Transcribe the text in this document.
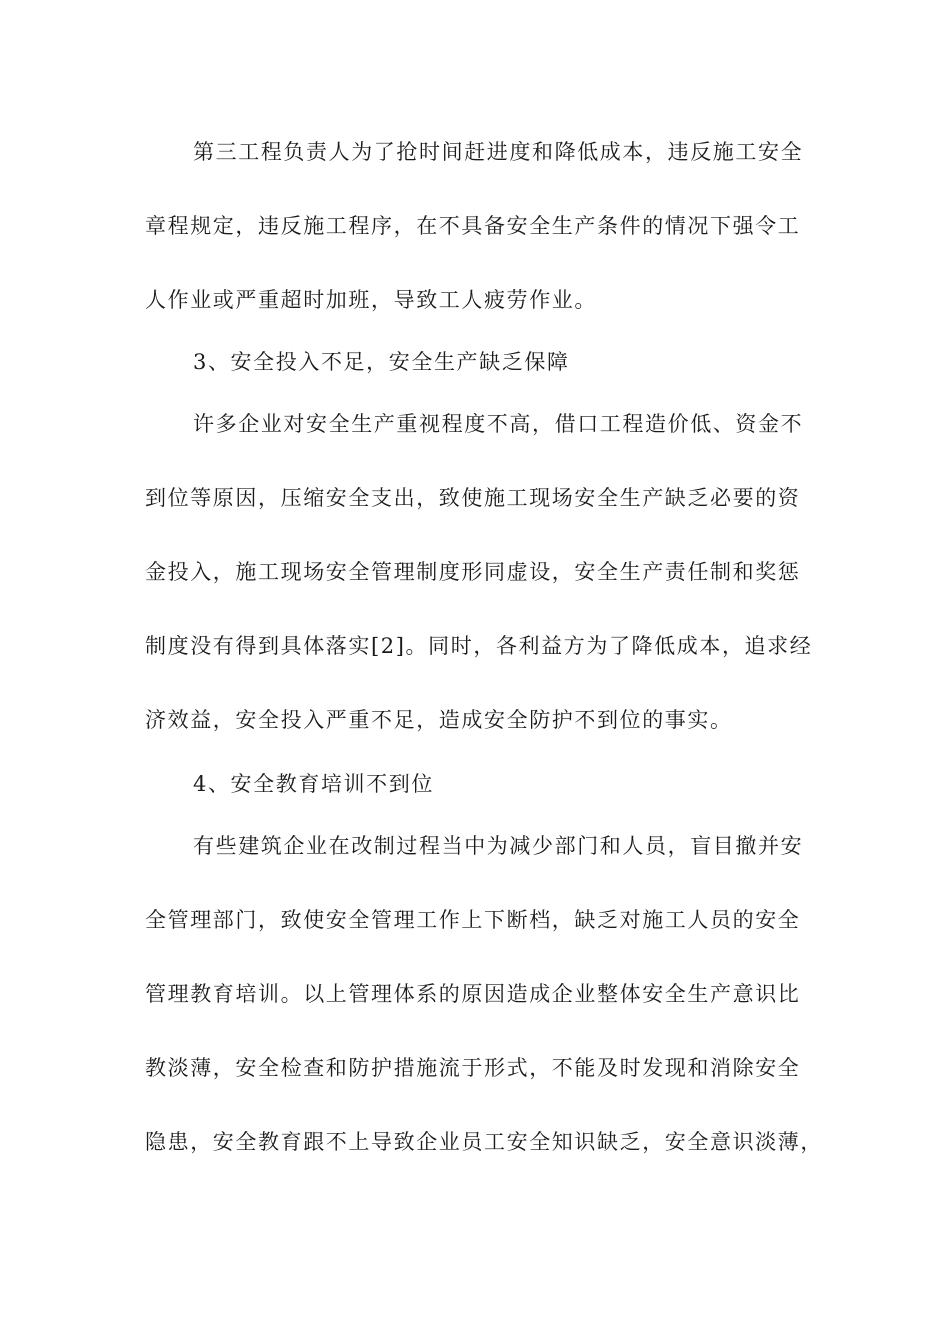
第三工程负责人为了抢时间赶进度和降低成本，违反施工安全

章程规定，违反施工程序，在不具备安全生产条件的情况下强令工

人作业或严重超时加班，导致工人疲劳作业。

3、安全投入不足，安全生产缺乏保障

许多企业对安全生产重视程度不高，借口工程造价低、资金不

到位等原因，压缩安全支出，致使施工现场安全生产缺乏必要的资

金投入，施工现场安全管理制度形同虚设，安全生产责任制和奖惩

制度没有得到具体落实[2]。同时，各利益方为了降低成本，追求经

济效益，安全投入严重不足，造成安全防护不到位的事实。

4、安全教育培训不到位

有些建筑企业在改制过程当中为减少部门和人员，盲目撤并安

全管理部门，致使安全管理工作上下断档，缺乏对施工人员的安全

管理教育培训。以上管理体系的原因造成企业整体安全生产意识比

教淡薄，安全检查和防护措施流于形式，不能及时发现和消除安全

隐患，安全教育跟不上导致企业员工安全知识缺乏，安全意识淡薄，
